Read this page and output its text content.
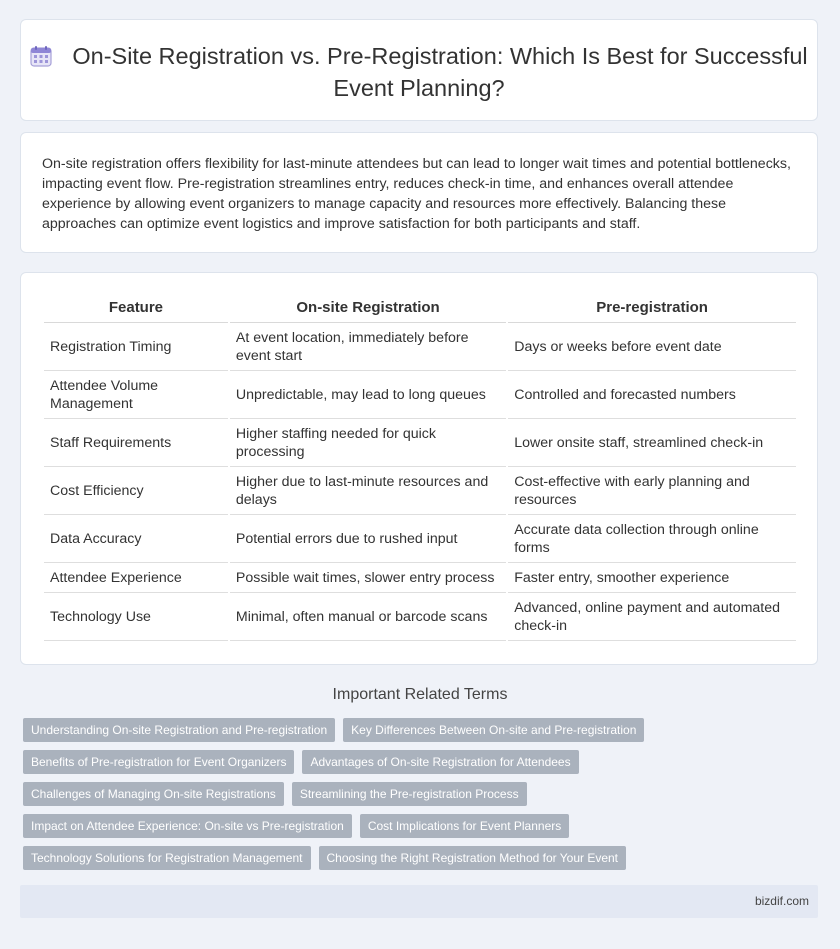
On-Site Registration vs. Pre-Registration: Which Is Best for Successful Event Planning?
On-site registration offers flexibility for last-minute attendees but can lead to longer wait times and potential bottlenecks, impacting event flow. Pre-registration streamlines entry, reduces check-in time, and enhances overall attendee experience by allowing event organizers to manage capacity and resources more effectively. Balancing these approaches can optimize event logistics and improve satisfaction for both participants and staff.
Feature	On-site Registration	Pre-registration
Registration Timing	At event location, immediately before event start	Days or weeks before event date
Attendee Volume Management	Unpredictable, may lead to long queues	Controlled and forecasted numbers
Staff Requirements	Higher staffing needed for quick processing	Lower onsite staff, streamlined check-in
Cost Efficiency	Higher due to last-minute resources and delays	Cost-effective with early planning and resources
Data Accuracy	Potential errors due to rushed input	Accurate data collection through online forms
Attendee Experience	Possible wait times, slower entry process	Faster entry, smoother experience
Technology Use	Minimal, often manual or barcode scans	Advanced, online payment and automated check-in
Important Related Terms
Understanding On-site Registration and Pre-registration	Key Differences Between On-site and Pre-registration
Benefits of Pre-registration for Event Organizers	Advantages of On-site Registration for Attendees
Challenges of Managing On-site Registrations	Streamlining the Pre-registration Process
Impact on Attendee Experience: On-site vs Pre-registration	Cost Implications for Event Planners
Technology Solutions for Registration Management	Choosing the Right Registration Method for Your Event
bizdif.com
